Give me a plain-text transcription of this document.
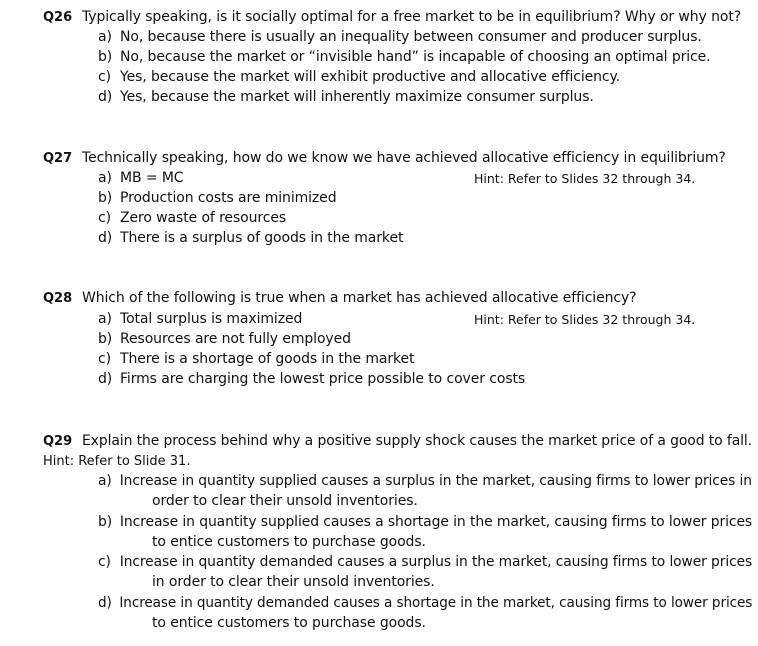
Q26 Typically speaking, is it socially optimal for a free market to be in equilibrium? Why or why not?
a) No, because there is usually an inequality between consumer and producer surplus.
b) No, because the market or “invisible hand” is incapable of choosing an optimal price.
c) Yes, because the market will exhibit productive and allocative efficiency.
d) Yes, because the market will inherently maximize consumer surplus.
Q27 Technically speaking, how do we know we have achieved allocative efficiency in equilibrium?
a) MB = MC	Hint: Refer to Slides 32 through 34.
b) Production costs are minimized
c) Zero waste of resources
d) There is a surplus of goods in the market
Q28 Which of the following is true when a market has achieved allocative efficiency?
a) Total surplus is maximized	Hint: Refer to Slides 32 through 34.
b) Resources are not fully employed
c) There is a shortage of goods in the market
d) Firms are charging the lowest price possible to cover costs
Q29 Explain the process behind why a positive supply shock causes the market price of a good to fall.
Hint: Refer to Slide 31.
a) Increase in quantity supplied causes a surplus in the market, causing firms to lower prices in
order to clear their unsold inventories.
b) Increase in quantity supplied causes a shortage in the market, causing firms to lower prices
to entice customers to purchase goods.
c) Increase in quantity demanded causes a surplus in the market, causing firms to lower prices
in order to clear their unsold inventories.
d) Increase in quantity demanded causes a shortage in the market, causing firms to lower prices
to entice customers to purchase goods.
